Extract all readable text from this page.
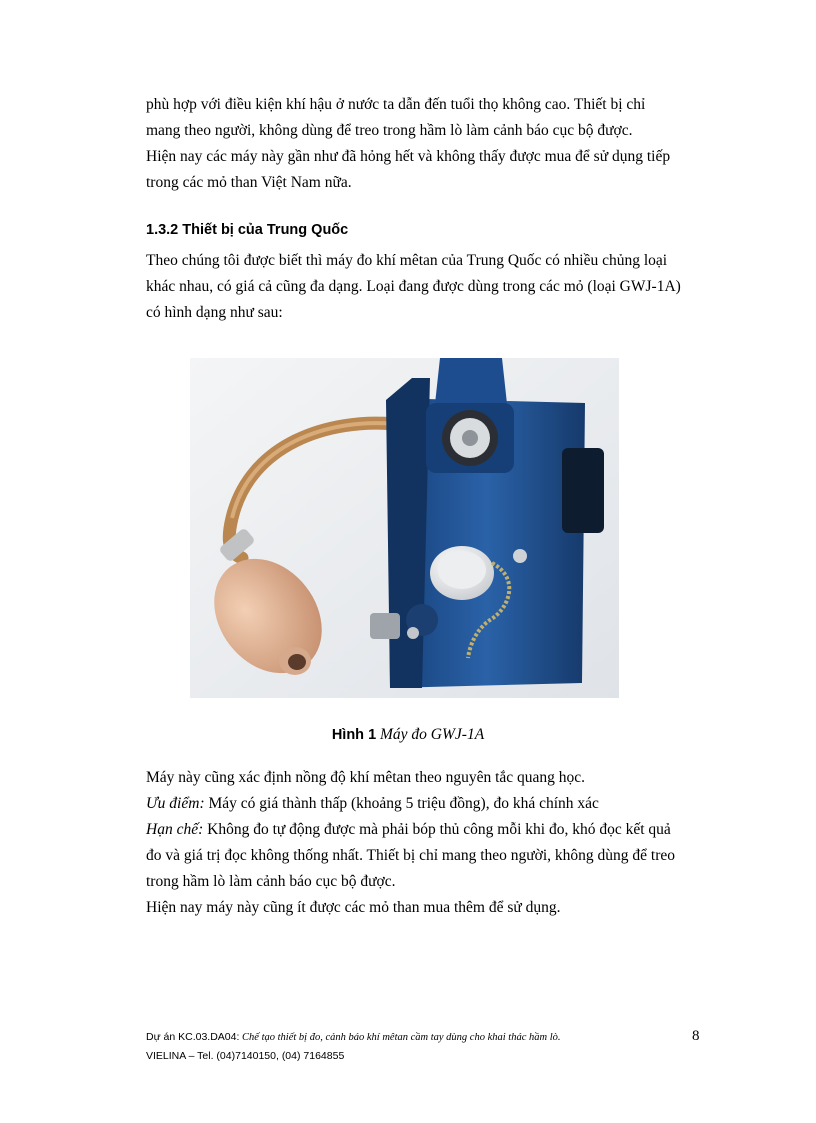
phù hợp với điều kiện khí hậu ở nước ta dẫn đến tuổi thọ không cao. Thiết bị chỉ
mang theo người, không dùng để treo trong hầm lò làm cảnh báo cục bộ được.
Hiện nay các máy này gần như đã hỏng hết và không thấy được mua để sử dụng tiếp
trong các mỏ than Việt Nam nữa.

1.3.2 Thiết bị của Trung Quốc

Theo chúng tôi được biết thì máy đo khí mêtan của Trung Quốc có nhiều chủng loại
khác nhau, có giá cả cũng đa dạng. Loại đang được dùng trong các mỏ (loại GWJ-1A)
có hình dạng như sau:

Hình 1 Máy đo GWJ-1A

Máy này cũng xác định nồng độ khí mêtan theo nguyên tắc quang học.
Ưu điểm: Máy có giá thành thấp (khoảng 5 triệu đồng), đo khá chính xác
Hạn chế: Không đo tự động được mà phải bóp thủ công mỗi khi đo, khó đọc kết quả
đo và giá trị đọc không thống nhất. Thiết bị chỉ mang theo người, không dùng để treo
trong hầm lò làm cảnh báo cục bộ được.
Hiện nay máy này cũng ít được các mỏ than mua thêm để sử dụng.

Dự án KC.03.DA04: Chế tạo thiết bị đo, cảnh báo khí mêtan cầm tay dùng cho khai thác hầm lò.
VIELINA – Tel. (04)7140150, (04) 7164855
8
